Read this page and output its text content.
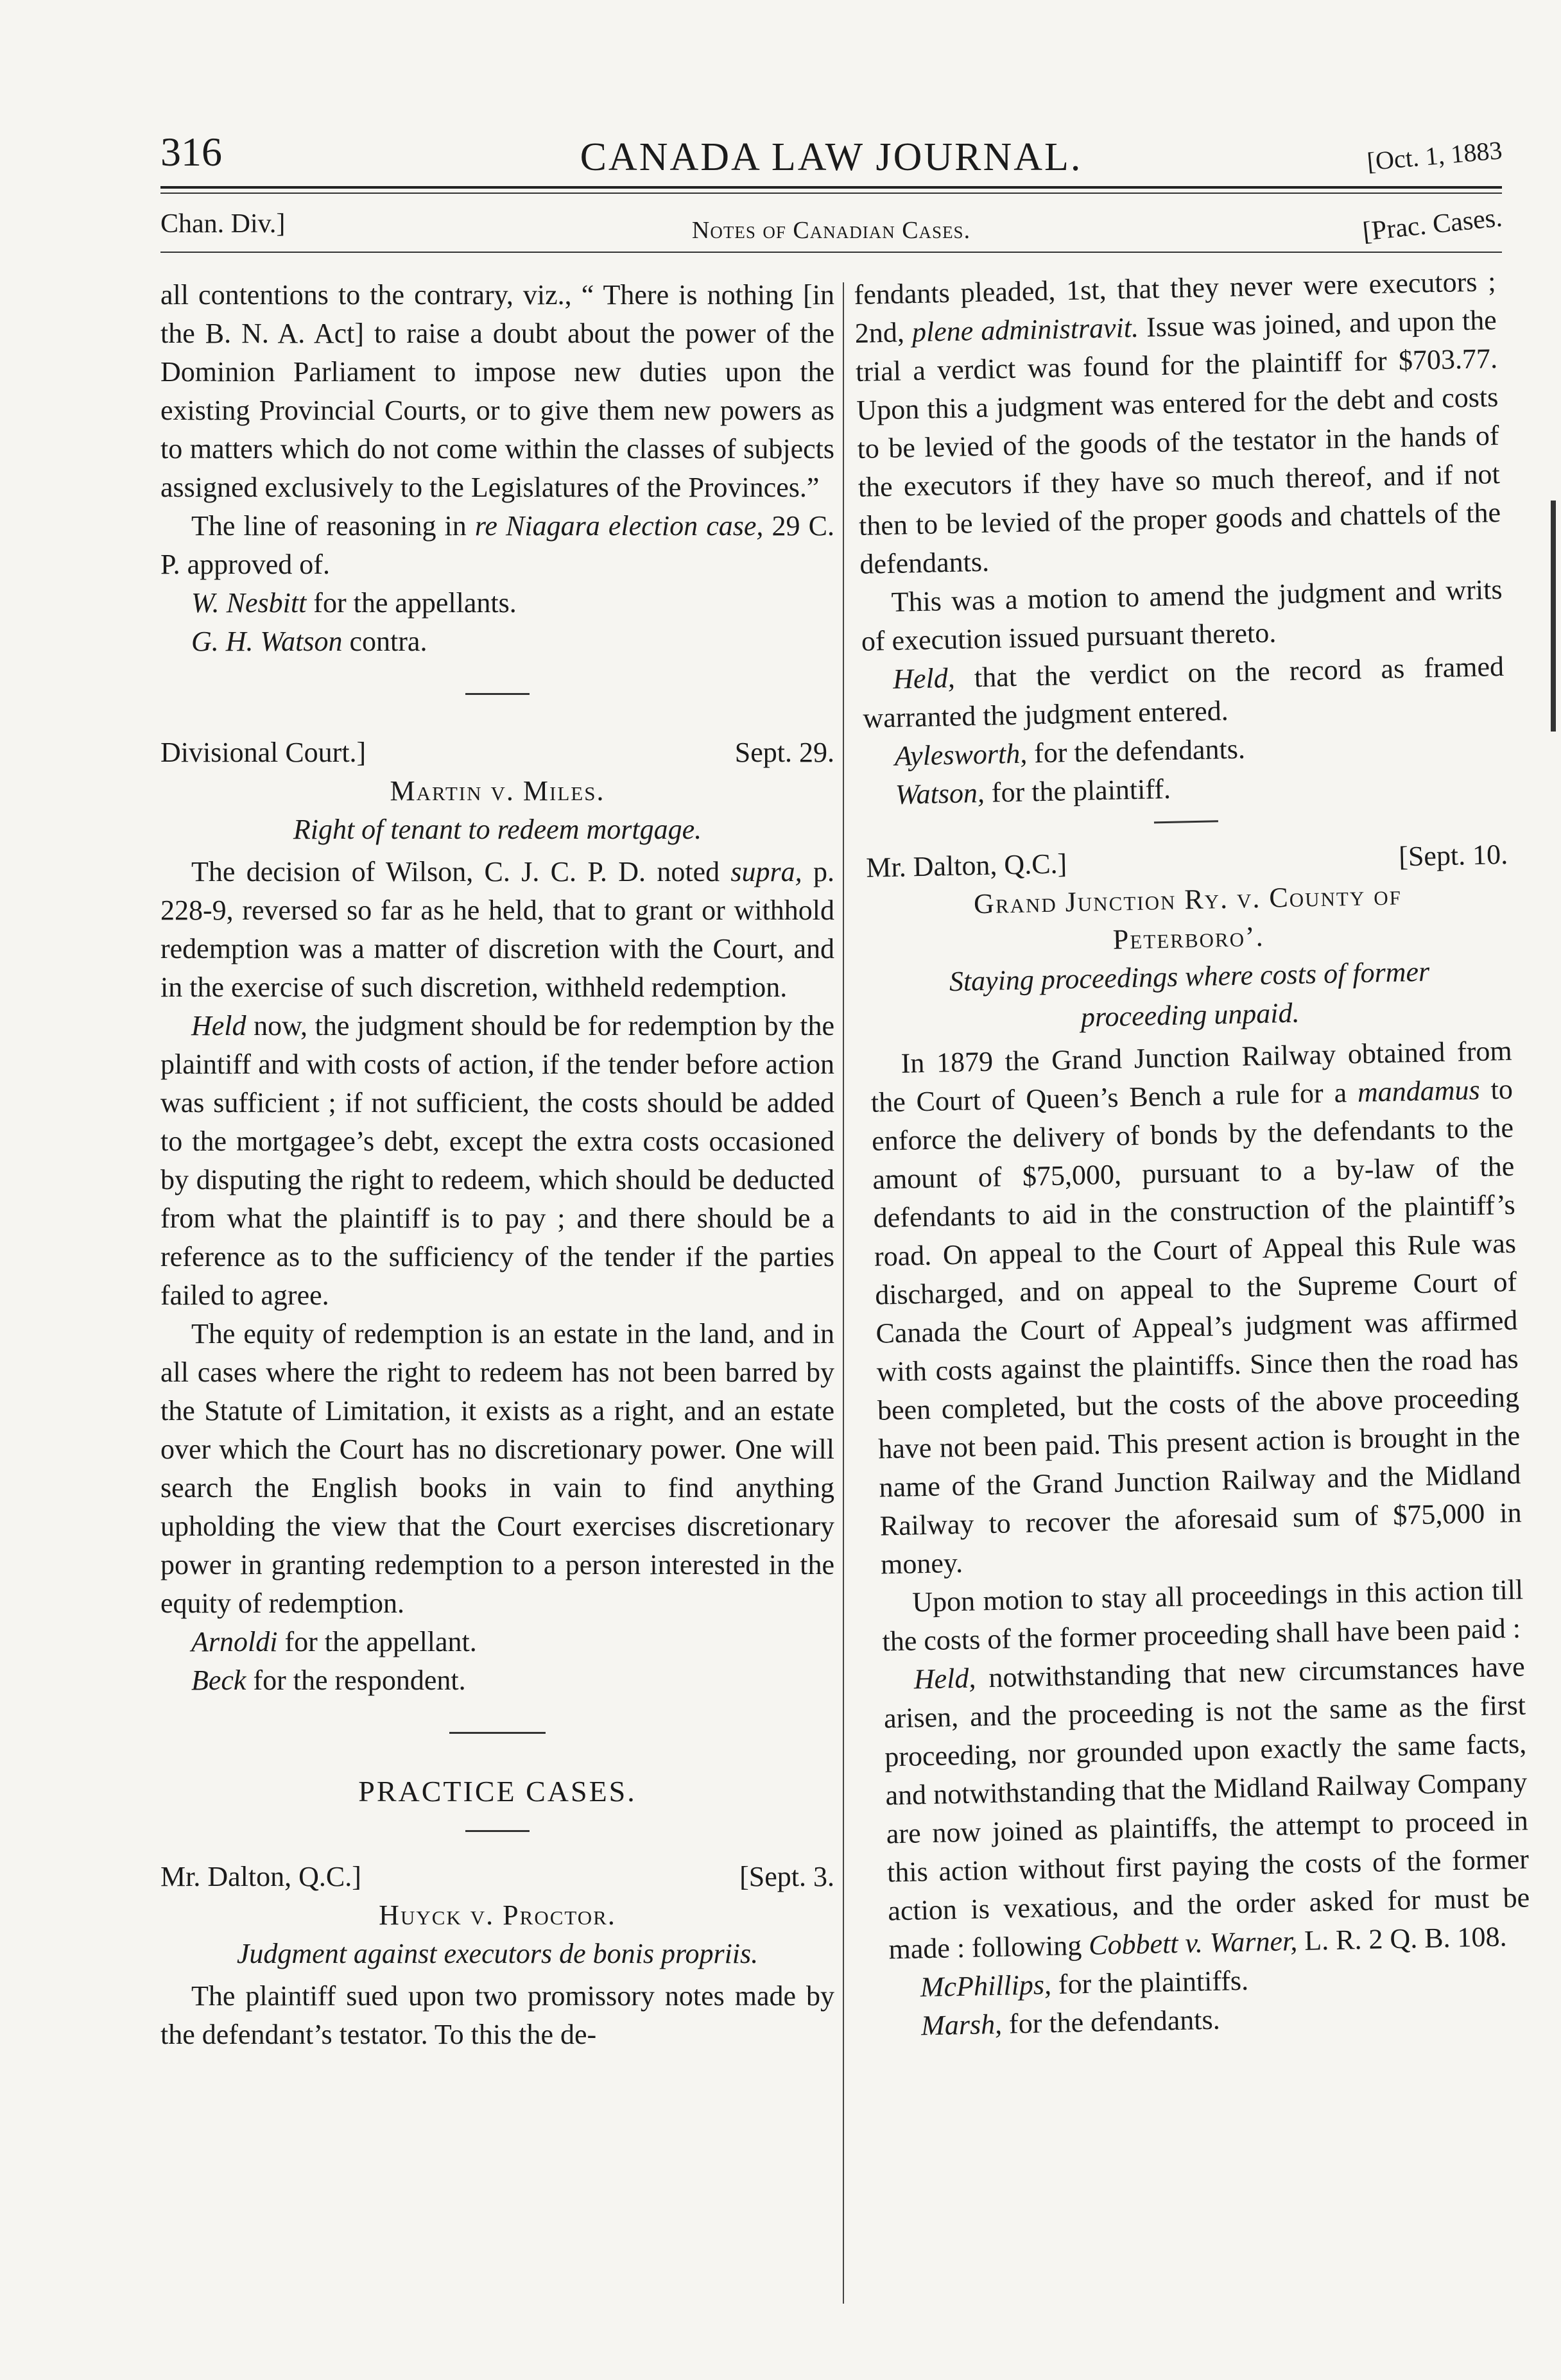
316	CANADA LAW JOURNAL.	[Oct. 1, 1883
Chan. Div.]	Notes of Canadian Cases.	[Prac. Cases.

all contentions to the contrary, viz., “ There is nothing [in the B. N. A. Act] to raise a doubt about the power of the Dominion Parliament to impose new duties upon the existing Provincial Courts, or to give them new powers as to matters which do not come within the classes of subjects assigned exclusively to the Legislatures of the Provinces.”

The line of reasoning in re Niagara election case, 29 C. P. approved of.

W. Nesbitt for the appellants.

G. H. Watson contra.

Divisional Court.]	Sept. 29.

Martin v. Miles.

Right of tenant to redeem mortgage.

The decision of Wilson, C. J. C. P. D. noted supra, p. 228-9, reversed so far as he held, that to grant or withhold redemption was a matter of discretion with the Court, and in the exercise of such discretion, withheld redemption.

Held now, the judgment should be for redemption by the plaintiff and with costs of action, if the tender before action was sufficient ; if not sufficient, the costs should be added to the mortgagee’s debt, except the extra costs occasioned by disputing the right to redeem, which should be deducted from what the plaintiff is to pay ; and there should be a reference as to the sufficiency of the tender if the parties failed to agree.

The equity of redemption is an estate in the land, and in all cases where the right to redeem has not been barred by the Statute of Limitation, it exists as a right, and an estate over which the Court has no discretionary power. One will search the English books in vain to find anything upholding the view that the Court exercises discretionary power in granting redemption to a person interested in the equity of redemption.

Arnoldi for the appellant.

Beck for the respondent.

PRACTICE CASES.

Mr. Dalton, Q.C.]	[Sept. 3.

Huyck v. Proctor.

Judgment against executors de bonis propriis.

The plaintiff sued upon two promissory notes made by the defendant’s testator. To this the de-

fendants pleaded, 1st, that they never were executors ; 2nd, plene administravit. Issue was joined, and upon the trial a verdict was found for the plaintiff for $703.77. Upon this a judgment was entered for the debt and costs to be levied of the goods of the testator in the hands of the executors if they have so much thereof, and if not then to be levied of the proper goods and chattels of the defendants.

This was a motion to amend the judgment and writs of execution issued pursuant thereto.

Held, that the verdict on the record as framed warranted the judgment entered.

Aylesworth, for the defendants.

Watson, for the plaintiff.

Mr. Dalton, Q.C.]	[Sept. 10.

Grand Junction Ry. v. County of

Peterboro’.

Staying proceedings where costs of former

proceeding unpaid.

In 1879 the Grand Junction Railway obtained from the Court of Queen’s Bench a rule for a mandamus to enforce the delivery of bonds by the defendants to the amount of $75,000, pursuant to a by-law of the defendants to aid in the construction of the plaintiff’s road. On appeal to the Court of Appeal this Rule was discharged, and on appeal to the Supreme Court of Canada the Court of Appeal’s judgment was affirmed with costs against the plaintiffs. Since then the road has been completed, but the costs of the above proceeding have not been paid. This present action is brought in the name of the Grand Junction Railway and the Midland Railway to recover the aforesaid sum of $75,000 in money.

Upon motion to stay all proceedings in this action till the costs of the former proceeding shall have been paid :

Held, notwithstanding that new circumstances have arisen, and the proceeding is not the same as the first proceeding, nor grounded upon exactly the same facts, and notwithstanding that the Midland Railway Company are now joined as plaintiffs, the attempt to proceed in this action without first paying the costs of the former action is vexatious, and the order asked for must be made : following Cobbett v. Warner, L. R. 2 Q. B. 108.

McPhillips, for the plaintiffs.

Marsh, for the defendants.
